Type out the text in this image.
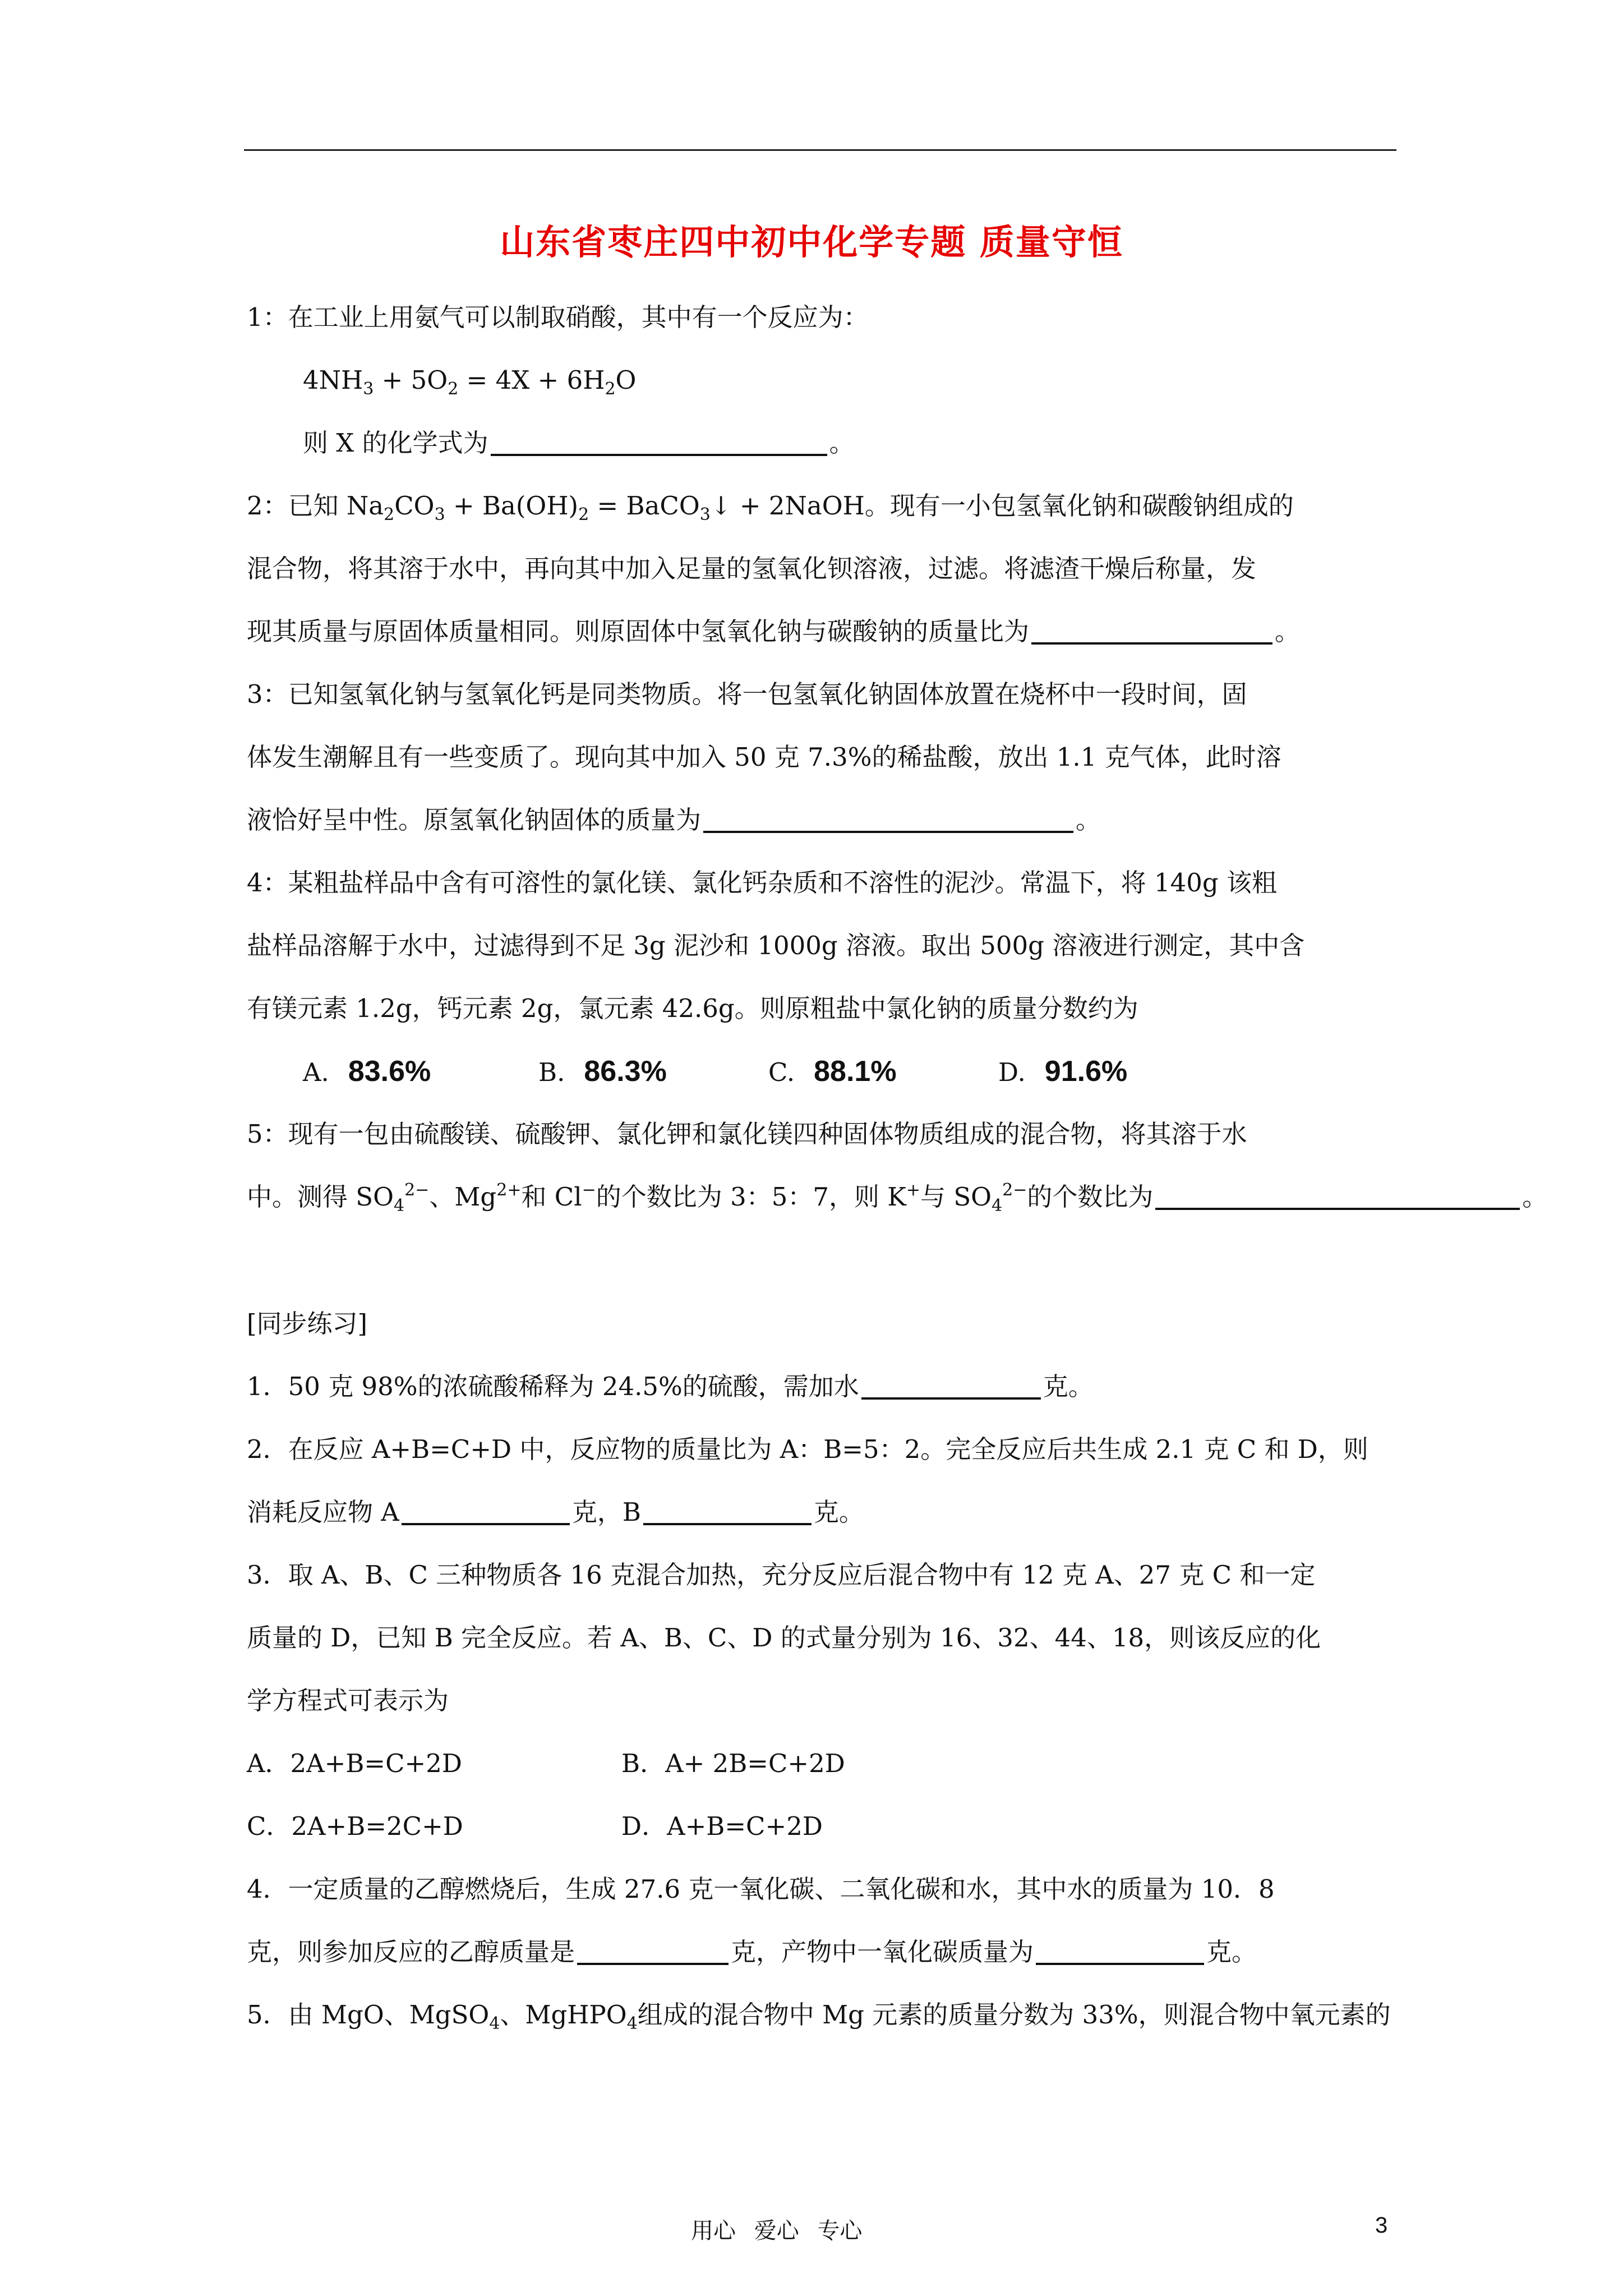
山东省枣庄四中初中化学专题 质量守恒
1：在工业上用氨气可以制取硝酸，其中有一个反应为：
$4NH_3 + 5O_2 = 4X + 6H_2O$
则 X 的化学式为	。
2：已知 $Na_2CO_3 + Ba(OH)_2$ = BaCO$_3$↓ + 2NaOH。现有一小包氢氧化钠和碳酸钠组成的
混合物，将其溶于水中，再向其中加入足量的氢氧化钡溶液，过滤。将滤渣干燥后称量，发
现其质量与原固体质量相同。则原固体中氢氧化钠与碳酸钠的质量比为	。
3：已知氢氧化钠与氢氧化钙是同类物质。将一包氢氧化钠固体放置在烧杯中一段时间，固
体发生潮解且有一些变质了。现向其中加入 50 克 7.3%的稀盐酸，放出 1.1 克气体，此时溶
液恰好呈中性。原氢氧化钠固体的质量为	。
4：某粗盐样品中含有可溶性的氯化镁、氯化钙杂质和不溶性的泥沙。常温下，将 140g 该粗
盐样品溶解于水中，过滤得到不足 3g 泥沙和 1000g 溶液。取出 500g 溶液进行测定，其中含
有镁元素 1.2g，钙元素 2g，氯元素 42.6g。则原粗盐中氯化钠的质量分数约为
A. 83.6%	B. 86.3%	C. 88.1%	D. 91.6%
5：现有一包由硫酸镁、硫酸钾、氯化钾和氯化镁四种固体物质组成的混合物，将其溶于水
中。测得 $SO_4^{2-}$、$Mg^{2+}$和 Cl−的个数比为 3：5：7，则 K+与 $SO_4^{2-}$的个数比为	。
[同步练习]
1．50 克 98%的浓硫酸稀释为 24.5%的硫酸，需加水	克。
2．在反应 A+B=C+D 中，反应物的质量比为 A：B=5：2。完全反应后共生成 2.1 克 C 和 D，则
消耗反应物 A	克，B	克。
3．取 A、B、C 三种物质各 16 克混合加热，充分反应后混合物中有 12 克 A、27 克 C 和一定
质量的 D，已知 B 完全反应。若 A、B、C、D 的式量分别为 16、32、44、18，则该反应的化
学方程式可表示为
A．2A+B=C+2D	B．A+ 2B=C+2D
C．2A+B=2C+D	D．A+B=C+2D
4．一定质量的乙醇燃烧后，生成 27.6 克一氧化碳、二氧化碳和水，其中水的质量为 10．8
克，则参加反应的乙醇质量是	克，产物中一氧化碳质量为	克。
5．由 MgO、MgSO$_4$、MgHPO$_4$组成的混合物中 Mg 元素的质量分数为 33%，则混合物中氧元素的
用心 爱心 专心	3
